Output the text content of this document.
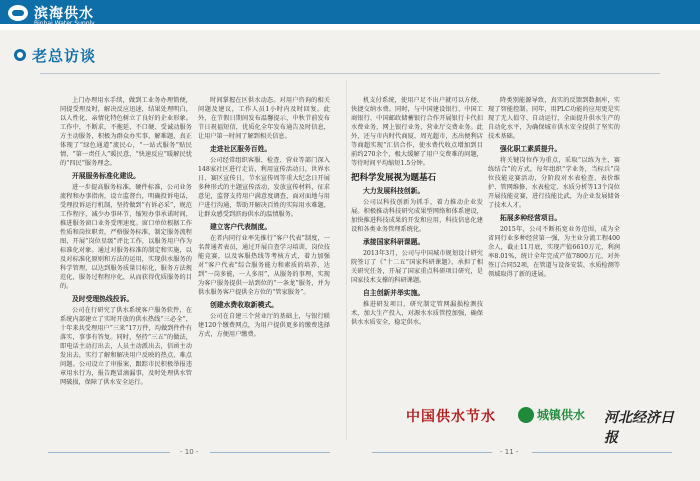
滨海供水
Binhai Water Supply
老总访谈

上门办理用水手续，做到工业务办理简便，同提受理及时，解决反应迅速，结果处理明白，以人性化、亲情化特色树立了良好的企业形象。工作中，不断求，不拖延，不口硬、受诚动服务方主动服务，积极为群众办实事，解难题，真正体现了“绿色通道”流民心，“一站式服务”贴民情、“第一责任人”暖民意，“快速反应”暖解民忧的“四民”服务理念。

开展服务标准化建设。

进一步提高服务标准，硬件标准，公司业务流程和办事指南，设立监督台，明确投诉电话，受理投诉运行机制，坚持做到“有诉必采”，规范工作程序，减少办事环节，缩短办事承诺时间，推进服务窗口业务受理速度。窗口单位根据工作性质和岗位职责，严格服务标准，制定服务流程图，开展“岗位星级”评比工作，以服务用户作为标准化对象。通过对服务标准的制定和实施，以及对标准化原则和方法的运用，实现供水服务的科学管理，以达到服务质量目标化，服务方法规范化，服务过程程序化，从而获得优质服务的目的。

及时受理热线投诉。

公司在行研究了供水系统客户服务软件，在系统内部建立了实时开放的供水热线“三必全”，十年来共受理用户“三来”17万件，均做到件件有落实，事事有答复。同时，坚持“三五”的做法，即电话主动打出去，人员主动派出去，信函主动发出去，实行了解和解决用户反映的热点、难点问题。公司设立了审报案，跟踪市民积极举报违章用水行为，报告跑冒滴漏事，及时处理供水管网破损，保障了供水安全运行。

时间掌握在区供水动态。对用户咨询的相关问题及建议，工作人员1小时内及时回复。此外，在节假日期间发布温馨提示，中秋节前发布节日祝福短信，优质化全年发布通告及时信息，让用户第一时间了解到相关信息。

走进社区服务百姓。

公司经常组织客服、检查、营业等部门深入148家社区进行走访，利用宣传活动日，世界水日、赛区宣传日，节水宣传周等重大纪念日开展多种形式的主题宣传活动，发放宣传材料，征求意见，监督支持用户满意度调查，面对面地与用户进行沟通，帮助开解决百姓的实际用水难题，让群众感受到滨海供水的温情服务。

建立客户代表制度。

在者内同行业率先推行“客户代表”制度，一名普通者表员，通过开展自查学习培训，岗位技能竞赛，以及客服热线等考核方式，着力加强对“客户代表”综合服务能力和素质的培养，达到“一岗多能，一人多用”，从服务的事理，实现为客户服务提供一站到位的“一条龙”服务，并为供水服务客户提供全方位的“管家服务”。

创建水费收取新模式。

公司在自建三个营业厅的基础上，与银行联建120个缴费网点，为用户提供更多的缴费选择方式，方便用户缴费。

机支付系统，使用户足不出户就可以方便、快捷交纳水费。同时，与中国建设银行、中国工商银行、中国邮政储蓄银行合作开展银行卡代扣水费业务，网上银行业务，营业厅交费业务。此外，还与市内时代商厦、周光超市，杰出便利店等商超实现“汇信合作，使水费代收点增加到目前约270余个，极大缓解了用户交费难的问题，等待时间平均缩短1.5分钟。

把科学发展视为题基石
大力发展科技创新。

公司以科技创新为抓手，着力推动企业发展。积极推动科技研究成果型网络和体系建设，加快推进科技成果的开发和应用，科技信息化建设和各类业务管理系统化。

承接国家科研课题。

2013年3月，公司与中国城市规划设计研究院签订了《“十二五”国家科研课题》，承担了相关研究任务，开展了国家重点科研项目研究，是国家技术支撑的科研课题。

自主创新并举实施。

推进研发项目，研究制定管网漏损检测技术，加大生产投入，对源水水质管控加强，确保供水水质安全，稳定供水。

降类别能源导致，真实的反馈到数据库，实现了智能控制。同年，用PLC功能的应用更是实现了无人值守、自动运行，全面提升供水生产的自动化水平，为确保城市供水安全提供了坚实的技术基础。

强化职工素质提升。

将关键岗位作为重点，采取“以练为主，赛练结合”的方式，每年组织“学业务，当标兵”岗位技能竞赛活动，分阶段对水表检查、表价维护、管网维修、水表检定、水质分析等13个岗位开展技能竞赛，进行技能比武，为企业发展储备了技术人才。

拓展多种经营项目。

2015年，公司不断拓宽业务范围，成为全省同行业多种经营第一强，为主业分流工程400余人，截止11月底，实现产值6610万元，利润率8.01%，统计全年完成产值7800万元，对外签订合同52项，在管道与设备安装、水质检测等领域取得了新的进展。

中国供水节水	城镇供水 河北经济日报
- 10 -	- 11 -
